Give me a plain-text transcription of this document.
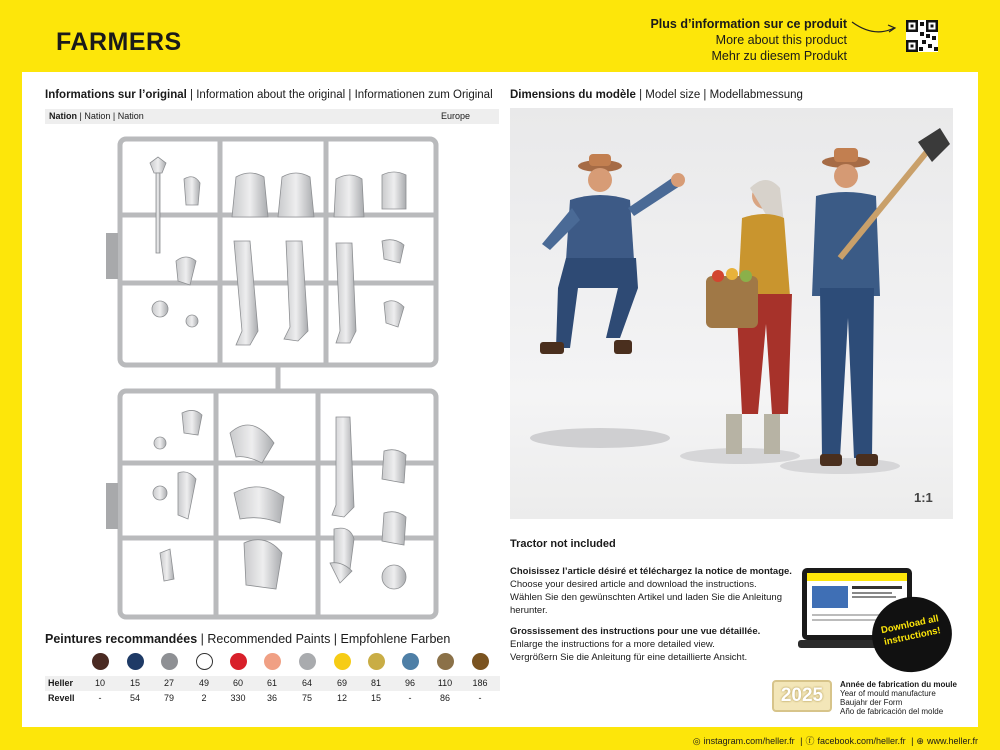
FARMERS
Plus d’information sur ce produit
More about this product
Mehr zu diesem Produkt
Informations sur l’original | Information about the original | Informationen zum Original
Nation | Nation | Nation	Europe
Dimensions du modèle | Model size | Modellabmessung
1:1
Tractor not included
Choisissez l’article désiré et téléchargez la notice de montage.
Choose your desired article and download the instructions.
Wählen Sie den gewünschten Artikel und laden Sie die Anleitung herunter.
Grossissement des instructions pour une vue détaillée.
Enlarge the instructions for a more detailed view.
Vergrößern Sie die Anleitung für eine detaillierte Ansicht.
Download all instructions!
2025
Année de fabrication du moule
Year of mould manufacture
Baujahr der Form
Año de fabricación del molde
Peintures recommandées | Recommended Paints | Empfohlene Farben
Heller	10	15	27	49	60	61	64	69	81	96	110	186
Revell	-	54	79	2	330	36	75	12	15	-	86	-
◎ instagram.com/heller.fr | ⓕ facebook.com/heller.fr | ⊕ www.heller.fr
